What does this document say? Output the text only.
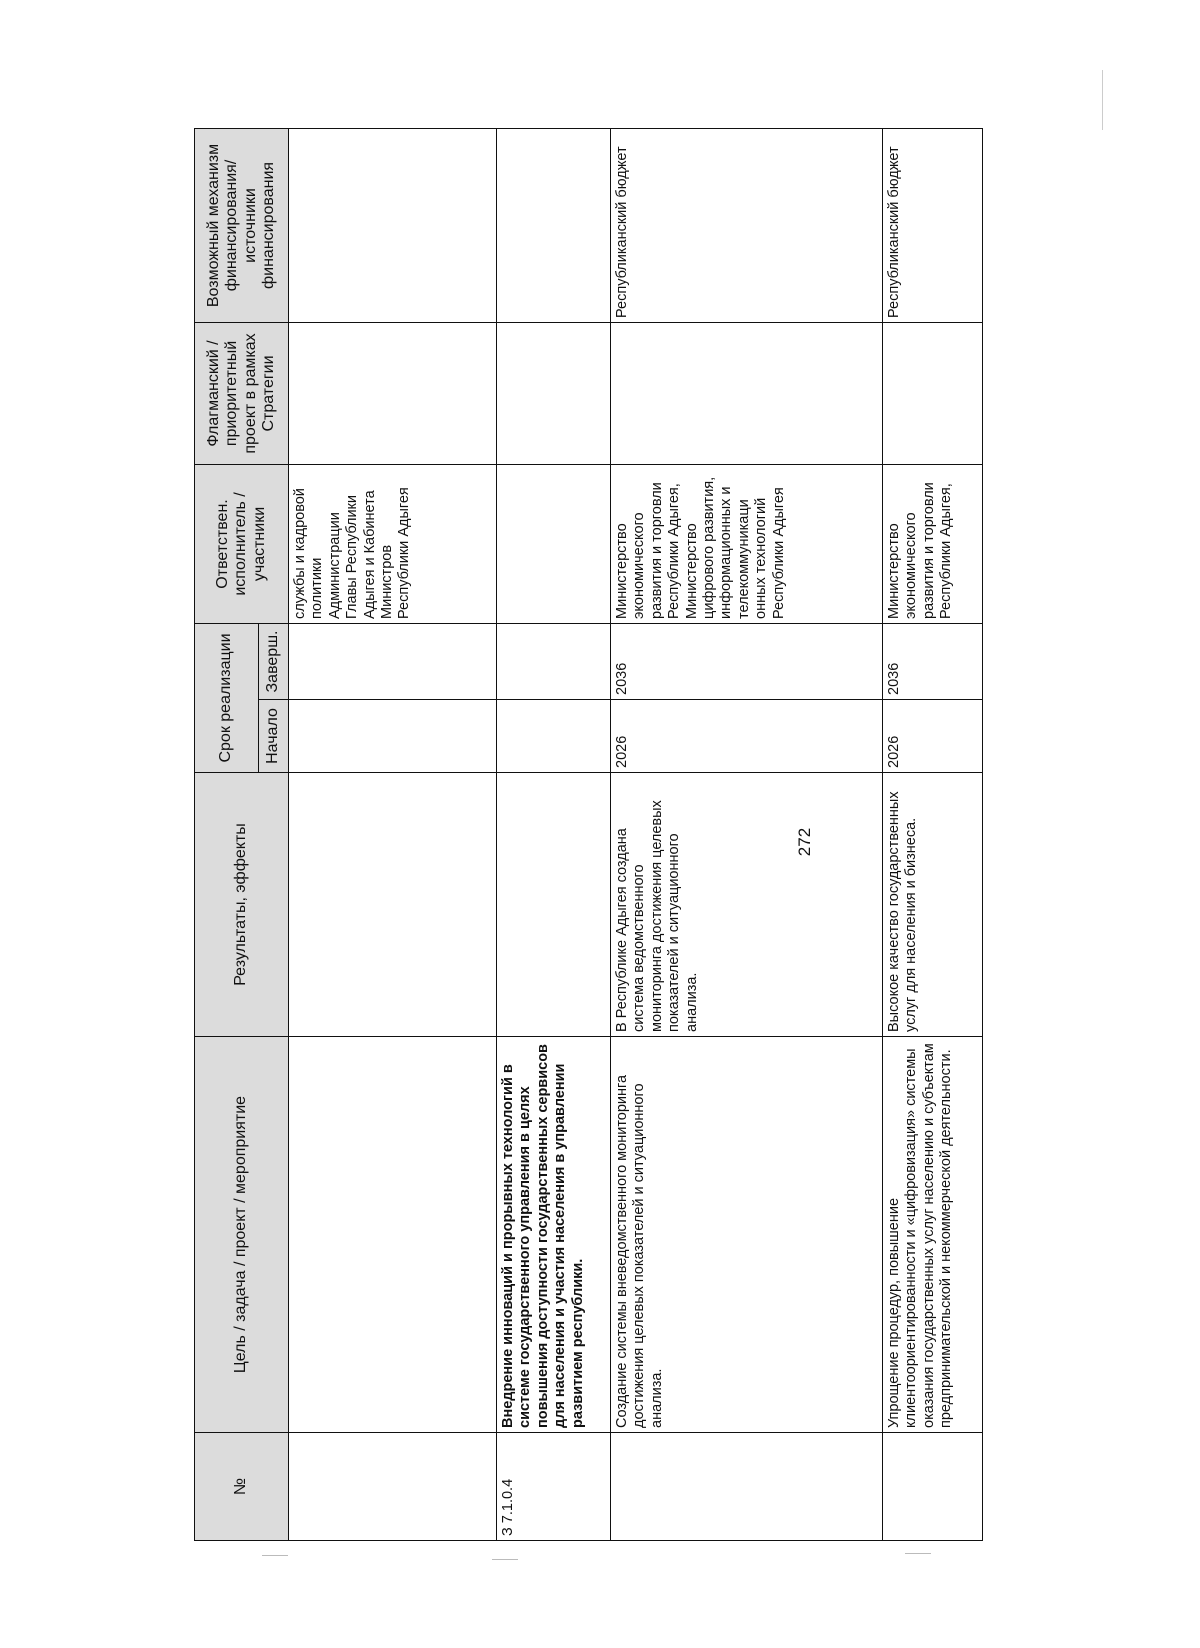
№	Цель / задача / проект / мероприятие	Результаты, эффекты	Срок реализации		Ответствен. исполнитель / участники	Флагманский / приоритетный проект в рамках Стратегии	Возможный механизм финансирования/ источники финансирования
			Начало	Заверш.			
					службы и кадровой политики Администрации Главы Республики Адыгея и Кабинета Министров Республики Адыгея		
З 7.1.0.4	Внедрение инноваций и прорывных технологий в системе государственного управления в целях повышения доступности государственных сервисов для населения и участия населения в управлении развитием республики.						
	Создание системы вневедомственного мониторинга достижения целевых показателей и ситуационного анализа.	В Республике Адыгея создана система ведомственного мониторинга достижения целевых показателей и ситуационного анализа.	2026	2036	Министерство экономического развития и торговли Республики Адыгея, Министерство цифрового развития, информационных и телекоммуникаци онных технологий Республики Адыгея		Республиканский бюджет
	Упрощение процедур, повышение клиентоориентированности и «цифровизация» системы оказания государственных услуг населению и субъектам предпринимательской и некоммерческой деятельности.	Высокое качество государственных услуг для населения и бизнеса.	2026	2036	Министерство экономического развития и торговли Республики Адыгея,		Республиканский бюджет
272
